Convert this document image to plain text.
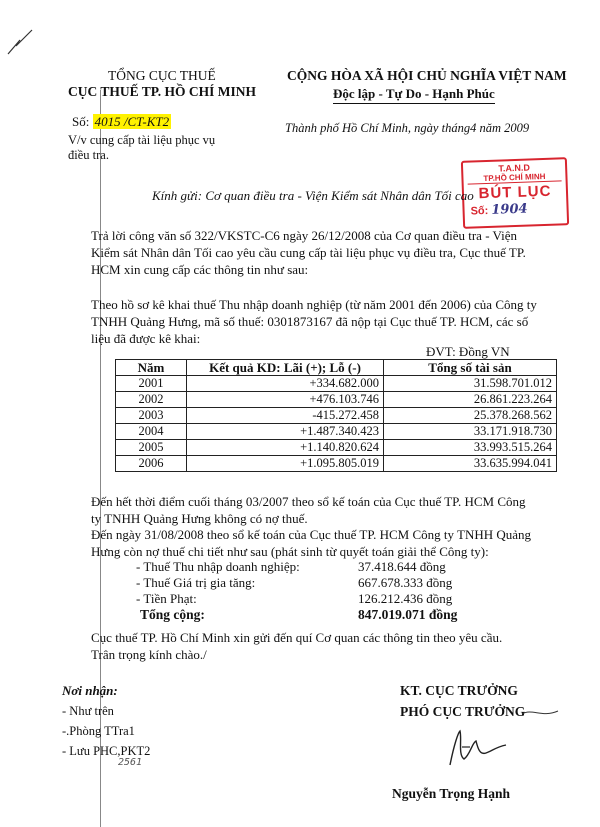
TỔNG CỤC THUẾ
CỤC THUẾ TP. HỒ CHÍ MINH
Số: 4015 /CT-KT2
V/v cung cấp tài liệu phục vụ
điều tra.
CỘNG HÒA XÃ HỘI CHỦ NGHĨA VIỆT NAM
Độc lập - Tự Do - Hạnh Phúc
Thành phố Hồ Chí Minh, ngày tháng4 năm 2009
T.A.N.D
TP.HỒ CHÍ MINH
BÚT LỤC
Số: 1904
Kính gửi: Cơ quan điều tra - Viện Kiểm sát Nhân dân Tối cao
Trả lời công văn số 322/VKSTC-C6 ngày 26/12/2008 của Cơ quan điều tra - Viện
Kiểm sát Nhân dân Tối cao yêu cầu cung cấp tài liệu phục vụ điều tra, Cục thuế TP.
HCM xin cung cấp các thông tin như sau:
Theo hồ sơ kê khai thuế Thu nhập doanh nghiệp (từ năm 2001 đến 2006) của Công ty
TNHH Quảng Hưng, mã số thuế: 0301873167 đã nộp tại Cục thuế TP. HCM, các số
liệu đã được kê khai:
ĐVT: Đồng VN
Năm	Kết quả KD: Lãi (+); Lỗ (-)	Tổng số tài sản
2001	+334.682.000	31.598.701.012
2002	+476.103.746	26.861.223.264
2003	-415.272.458	25.378.268.562
2004	+1.487.340.423	33.171.918.730
2005	+1.140.820.624	33.993.515.264
2006	+1.095.805.019	33.635.994.041
Đến hết thời điểm cuối tháng 03/2007 theo sổ kế toán của Cục thuế TP. HCM Công
ty TNHH Quảng Hưng không có nợ thuế.
Đến ngày 31/08/2008 theo sổ kế toán của Cục thuế TP. HCM Công ty TNHH Quảng
Hưng còn nợ thuế chi tiết như sau (phát sinh từ quyết toán giải thể Công ty):
- Thuế Thu nhập doanh nghiệp:	37.418.644 đồng
- Thuế Giá trị gia tăng:	667.678.333 đồng
- Tiền Phạt:	126.212.436 đồng
Tổng cộng:	847.019.071 đồng
Cục thuế TP. Hồ Chí Minh xin gửi đến quí Cơ quan các thông tin theo yêu cầu.
Trân trọng kính chào./
Nơi nhận:
- Như trên
-.Phòng TTra1
- Lưu PHC,PKT2
2561
KT. CỤC TRƯỞNG
PHÓ CỤC TRƯỞNG
Nguyễn Trọng Hạnh
